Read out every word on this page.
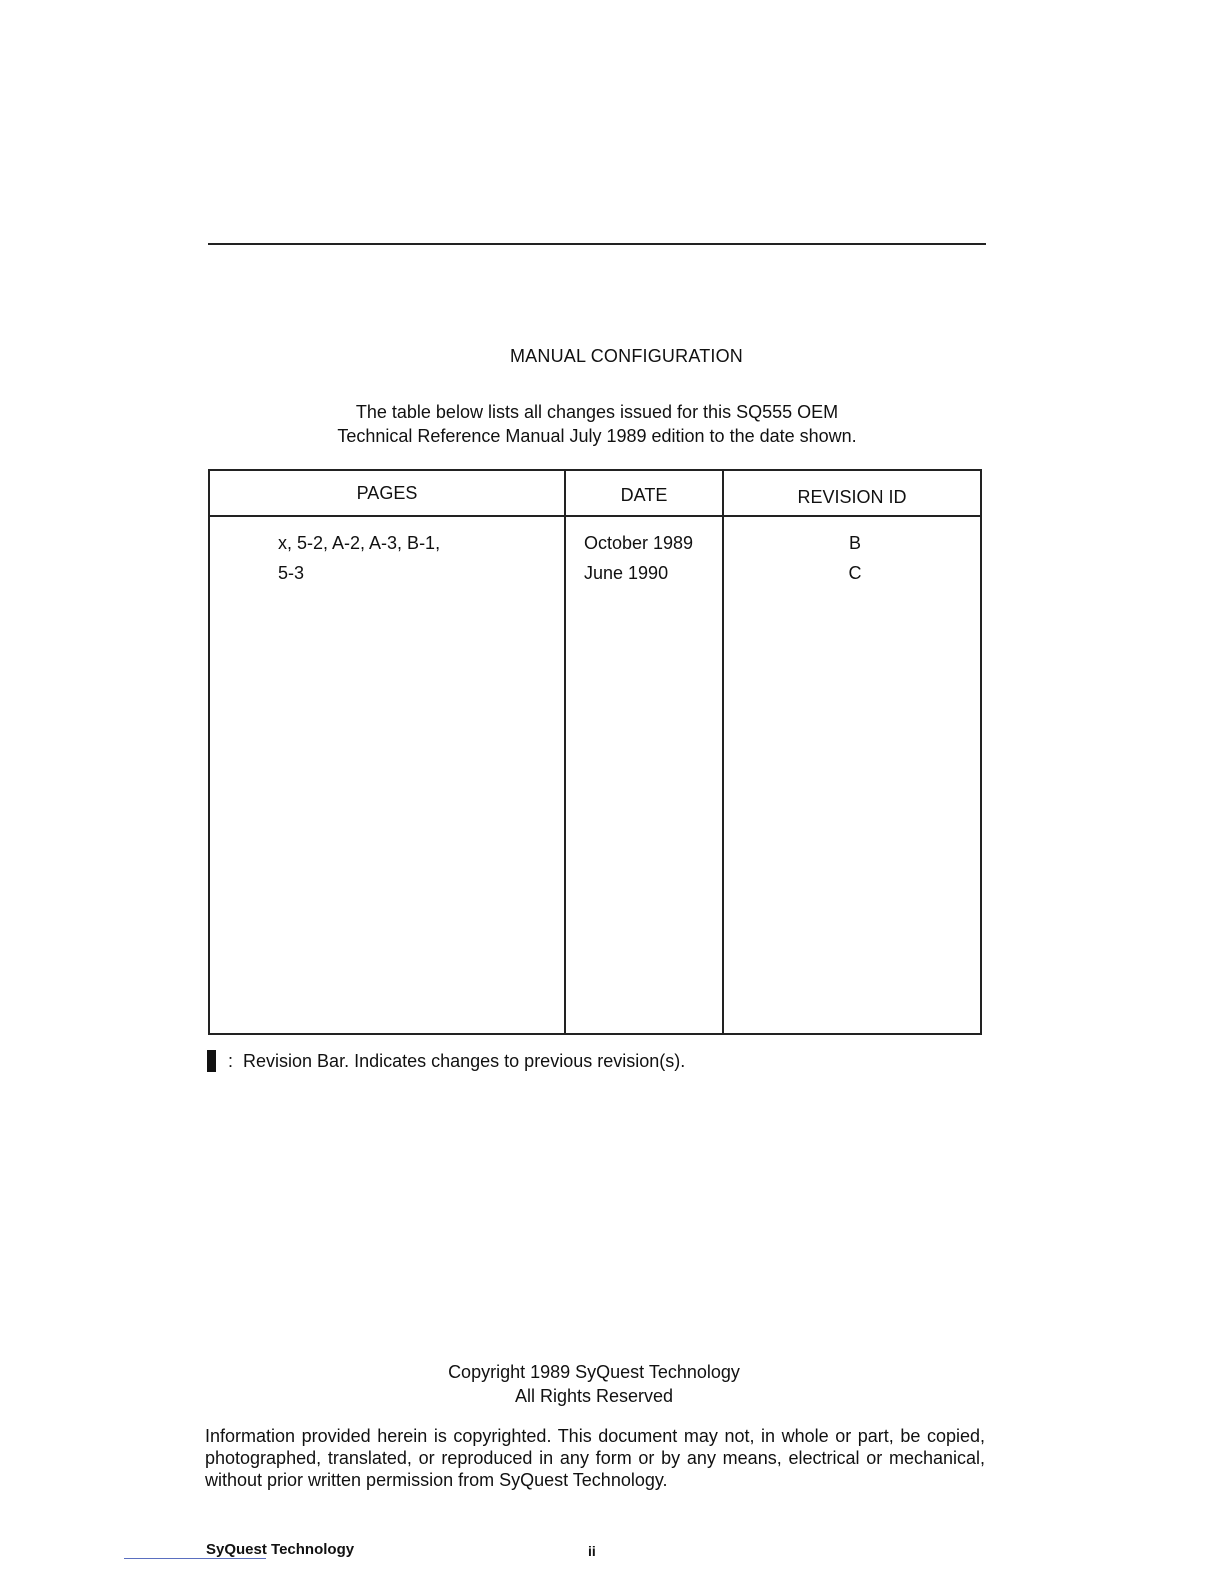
MANUAL CONFIGURATION
The table below lists all changes issued for this SQ555 OEM
Technical Reference Manual July 1989 edition to the date shown.
PAGES	DATE	REVISION ID
x, 5-2, A-2, A-3, B-1,	October 1989	B
5-3	June 1990	C
: Revision Bar. Indicates changes to previous revision(s).
Copyright 1989 SyQuest Technology
All Rights Reserved
Information provided herein is copyrighted. This document may not, in whole or part, be copied, photographed, translated, or reproduced in any form or by any means, electrical or mechanical, without prior written permission from SyQuest Technology.
SyQuest Technology	ii
